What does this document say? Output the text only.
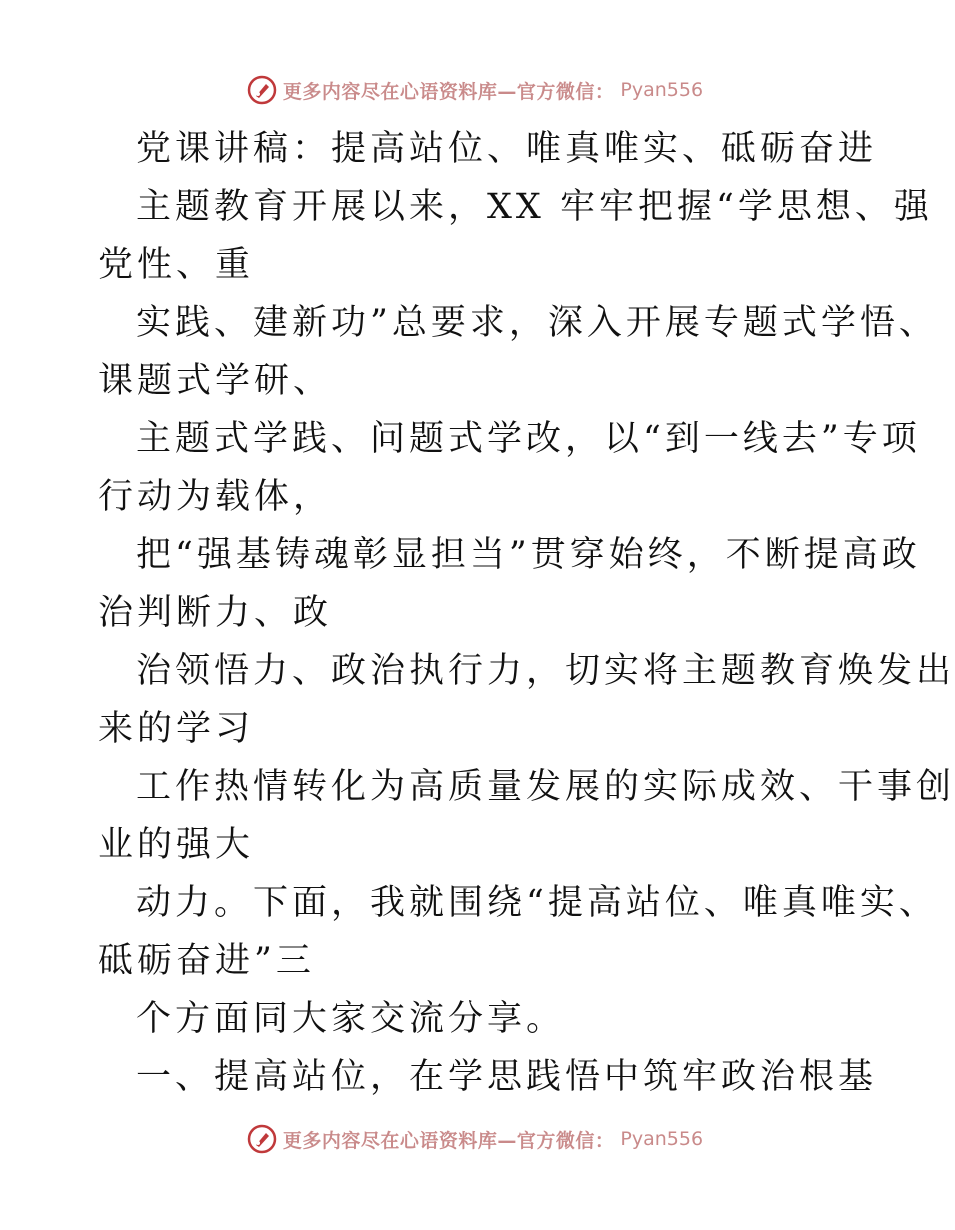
更多内容尽在心语资料库—官方微信： Pyan556
党课讲稿：提高站位、唯真唯实、砥砺奋进
主题教育开展以来，XX 牢牢把握“学思想、强
党性、重
实践、建新功”总要求，深入开展专题式学悟、
课题式学研、
主题式学践、问题式学改，以“到一线去”专项
行动为载体，
把“强基铸魂彰显担当”贯穿始终，不断提高政
治判断力、政
治领悟力、政治执行力，切实将主题教育焕发出
来的学习
工作热情转化为高质量发展的实际成效、干事创
业的强大
动力。下面，我就围绕“提高站位、唯真唯实、
砥砺奋进”三
个方面同大家交流分享。
一、提高站位，在学思践悟中筑牢政治根基
更多内容尽在心语资料库—官方微信： Pyan556
